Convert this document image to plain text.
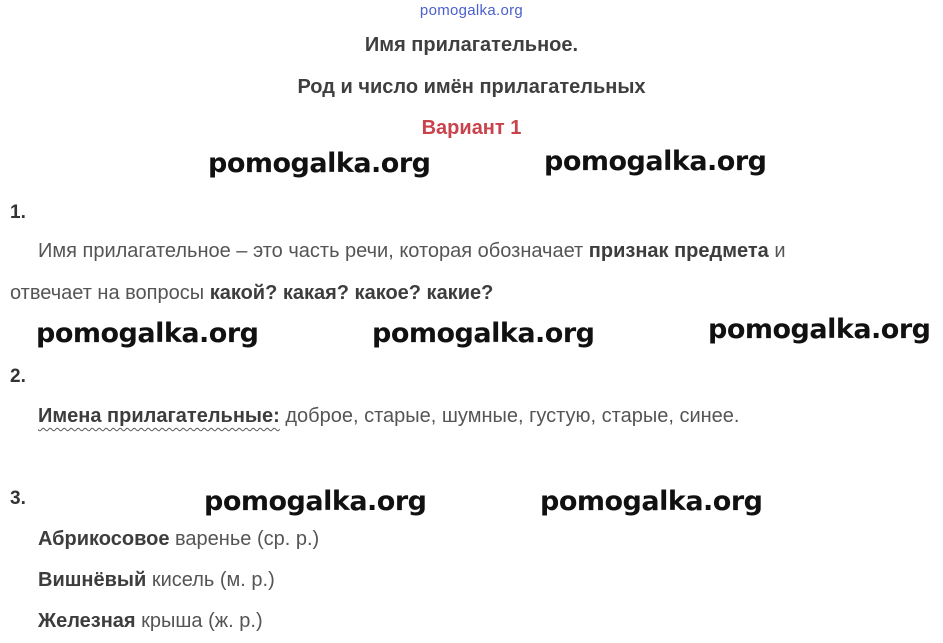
pomogalka.org
Имя прилагательное.
Род и число имён прилагательных
Вариант 1
pomogalka.org	pomogalka.org
1.
Имя прилагательное – это часть речи, которая обозначает признак предмета и
отвечает на вопросы какой? какая? какое? какие?
pomogalka.org	pomogalka.org	pomogalka.org
2.
Имена прилагательные: доброе, старые, шумные, густую, старые, синее.
3.	pomogalka.org	pomogalka.org
Абрикосовое варенье (ср. р.)
Вишнёвый кисель (м. р.)
Железная крыша (ж. р.)
